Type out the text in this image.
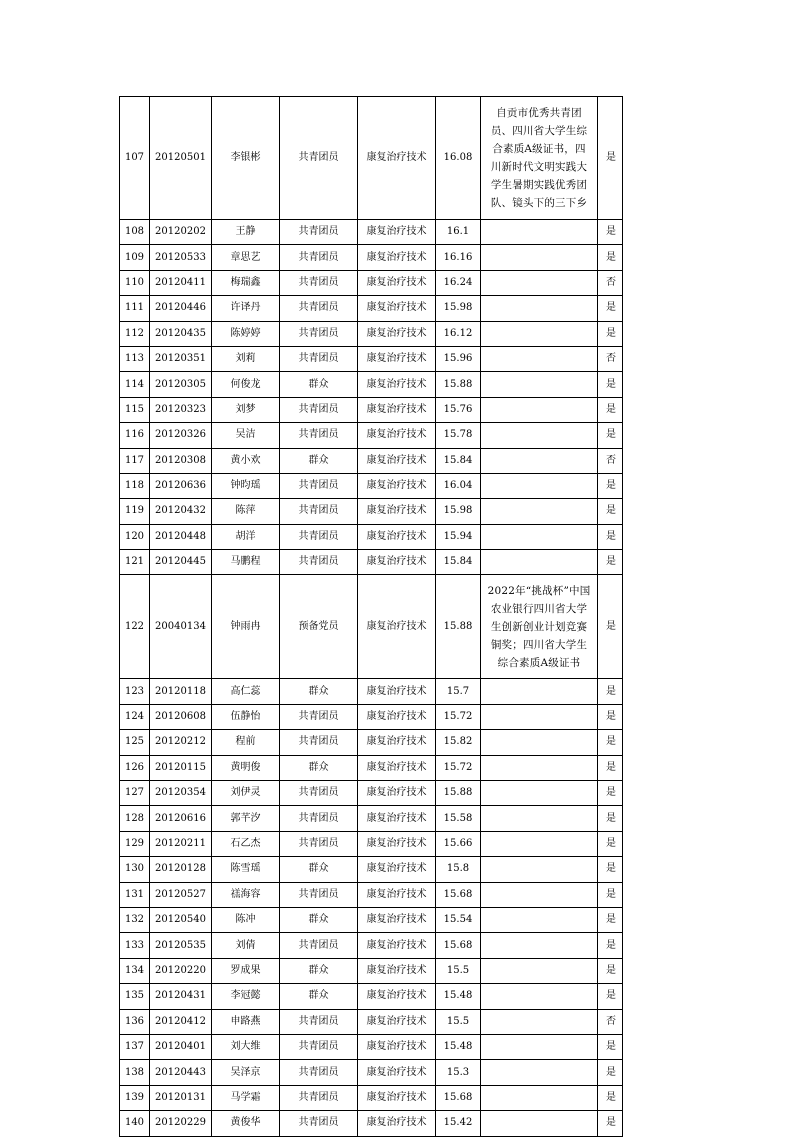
107	20120501	李银彬	共青团员	康复治疗技术	16.08	自贡市优秀共青团员、四川省大学生综合素质A级证书，四川新时代文明实践大学生暑期实践优秀团队、镜头下的三下乡	是
108	20120202	王静	共青团员	康复治疗技术	16.1		是
109	20120533	章思艺	共青团员	康复治疗技术	16.16		是
110	20120411	梅瑞鑫	共青团员	康复治疗技术	16.24		否
111	20120446	许译丹	共青团员	康复治疗技术	15.98		是
112	20120435	陈婷婷	共青团员	康复治疗技术	16.12		是
113	20120351	刘莉	共青团员	康复治疗技术	15.96		否
114	20120305	何俊龙	群众	康复治疗技术	15.88		是
115	20120323	刘梦	共青团员	康复治疗技术	15.76		是
116	20120326	吴洁	共青团员	康复治疗技术	15.78		是
117	20120308	黄小欢	群众	康复治疗技术	15.84		否
118	20120636	钟昀瑶	共青团员	康复治疗技术	16.04		是
119	20120432	陈萍	共青团员	康复治疗技术	15.98		是
120	20120448	胡洋	共青团员	康复治疗技术	15.94		是
121	20120445	马鹏程	共青团员	康复治疗技术	15.84		是
122	20040134	钟雨冉	预备党员	康复治疗技术	15.88	2022年“挑战杯”中国农业银行四川省大学生创新创业计划竞赛铜奖；四川省大学生综合素质A级证书	是
123	20120118	高仁蕊	群众	康复治疗技术	15.7		是
124	20120608	伍静怡	共青团员	康复治疗技术	15.72		是
125	20120212	程前	共青团员	康复治疗技术	15.82		是
126	20120115	黄明俊	群众	康复治疗技术	15.72		是
127	20120354	刘伊灵	共青团员	康复治疗技术	15.88		是
128	20120616	郭芊汐	共青团员	康复治疗技术	15.58		是
129	20120211	石乙杰	共青团员	康复治疗技术	15.66		是
130	20120128	陈雪瑶	群众	康复治疗技术	15.8		是
131	20120527	禚海容	共青团员	康复治疗技术	15.68		是
132	20120540	陈冲	群众	康复治疗技术	15.54		是
133	20120535	刘倩	共青团员	康复治疗技术	15.68		是
134	20120220	罗成果	群众	康复治疗技术	15.5		是
135	20120431	李冠懿	群众	康复治疗技术	15.48		是
136	20120412	申路燕	共青团员	康复治疗技术	15.5		否
137	20120401	刘大维	共青团员	康复治疗技术	15.48		是
138	20120443	吴泽京	共青团员	康复治疗技术	15.3		是
139	20120131	马学霜	共青团员	康复治疗技术	15.68		是
140	20120229	黄俊华	共青团员	康复治疗技术	15.42		是
